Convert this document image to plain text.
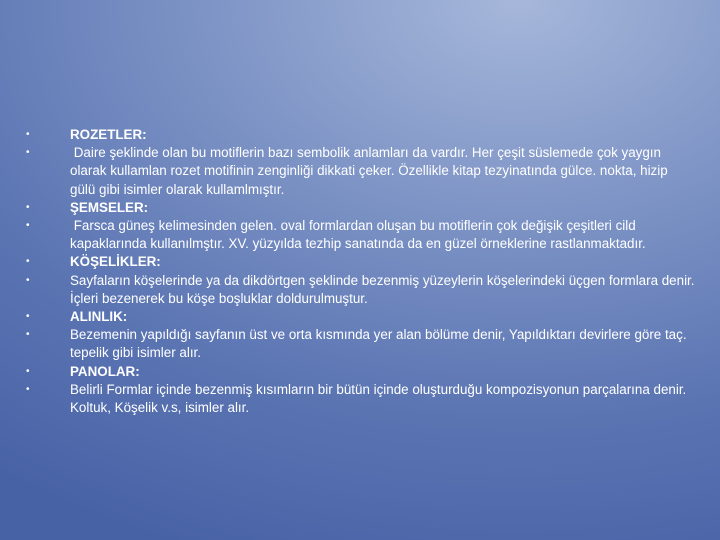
•	ROZETLER:
•	Daire şeklinde olan bu motiflerin bazı sembolik anlamları da vardır. Her çeşit süslemede çok yaygın olarak kullamlan rozet motifinin zenginliği dikkati çeker. Özellikle kitap tezyinatında gülce. nokta, hizip gülü gibi isimler olarak kullamlmıştır.
•	ŞEMSELER:
•	Farsca güneş kelimesinden gelen. oval formlardan oluşan bu motiflerin çok değişik çeşitleri cild kapaklarında kullanılmştır. XV. yüzyılda tezhip sanatında da en güzel örneklerine rastlanmaktadır.
•	KÖŞELİKLER:
•	Sayfaların köşelerinde ya da dikdörtgen şeklinde bezenmiş yüzeylerin köşelerindeki üçgen formlara denir. İçleri bezenerek bu köşe boşluklar doldurulmuştur.
•	ALINLIK:
•	Bezemenin yapıldığı sayfanın üst ve orta kısmında yer alan bölüme denir, Yapıldıktarı devirlere göre taç. tepelik gibi isimler alır.
•	PANOLAR:
•	Belirli Formlar içinde bezenmiş kısımların bir bütün içinde oluşturduğu kompozisyonun parçalarına denir. Koltuk, Köşelik v.s, isimler alır.
